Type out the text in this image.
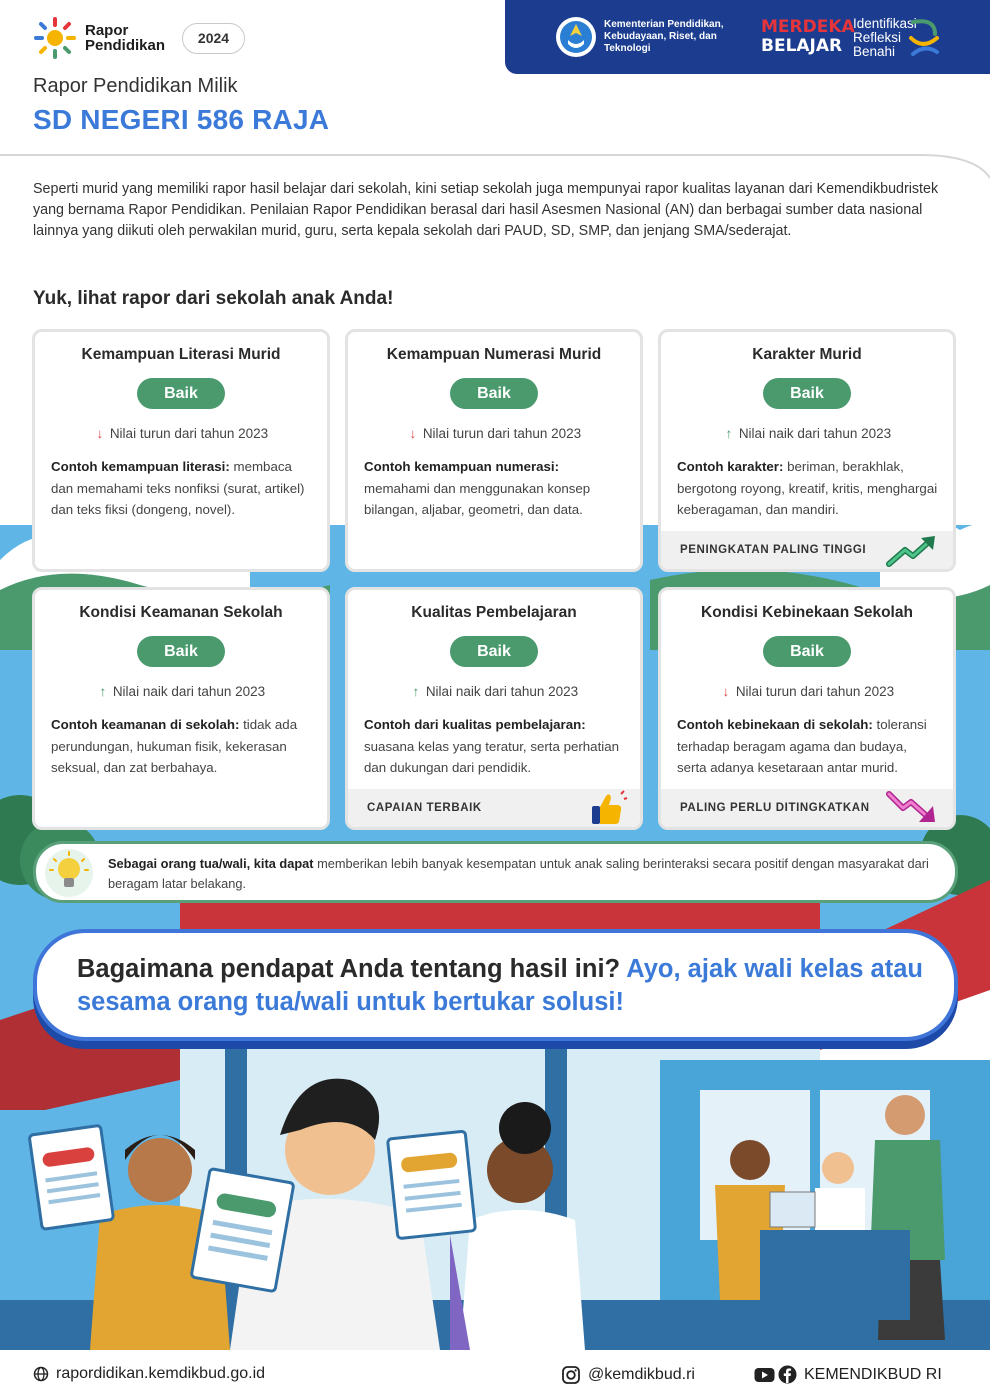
Rapor
Pendidikan	2024
Kementerian Pendidikan, Kebudayaan, Riset, dan Teknologi
MERDEKA
BELAJAR
Identifikasi
Refleksi
Benahi
Rapor Pendidikan Milik
SD NEGERI 586 RAJA
Seperti murid yang memiliki rapor hasil belajar dari sekolah, kini setiap sekolah juga mempunyai rapor kualitas layanan dari Kemendikbudristek yang bernama Rapor Pendidikan. Penilaian Rapor Pendidikan berasal dari hasil Asesmen Nasional (AN) dan berbagai sumber data nasional lainnya yang diikuti oleh perwakilan murid, guru, serta kepala sekolah dari PAUD, SD, SMP, dan jenjang SMA/sederajat.
Yuk, lihat rapor dari sekolah anak Anda!
Kemampuan Literasi Murid
Baik
↓ Nilai turun dari tahun 2023
Contoh kemampuan literasi: membaca dan memahami teks nonfiksi (surat, artikel) dan teks fiksi (dongeng, novel).
Kemampuan Numerasi Murid
Baik
↓ Nilai turun dari tahun 2023
Contoh kemampuan numerasi: memahami dan menggunakan konsep bilangan, aljabar, geometri, dan data.
Karakter Murid
Baik
↑ Nilai naik dari tahun 2023
Contoh karakter: beriman, berakhlak, bergotong royong, kreatif, kritis, menghargai keberagaman, dan mandiri.
PENINGKATAN PALING TINGGI
Kondisi Keamanan Sekolah
Baik
↑ Nilai naik dari tahun 2023
Contoh keamanan di sekolah: tidak ada perundungan, hukuman fisik, kekerasan seksual, dan zat berbahaya.
Kualitas Pembelajaran
Baik
↑ Nilai naik dari tahun 2023
Contoh dari kualitas pembelajaran: suasana kelas yang teratur, serta perhatian dan dukungan dari pendidik.
CAPAIAN TERBAIK
Kondisi Kebinekaan Sekolah
Baik
↓ Nilai turun dari tahun 2023
Contoh kebinekaan di sekolah: toleransi terhadap beragam agama dan budaya, serta adanya kesetaraan antar murid.
PALING PERLU DITINGKATKAN
Sebagai orang tua/wali, kita dapat memberikan lebih banyak kesempatan untuk anak saling berinteraksi secara positif dengan masyarakat dari beragam latar belakang.
Bagaimana pendapat Anda tentang hasil ini? Ayo, ajak wali kelas atau sesama orang tua/wali untuk bertukar solusi!
rapordidikan.kemdikbud.go.id	@kemdikbud.ri	KEMENDIKBUD RI
